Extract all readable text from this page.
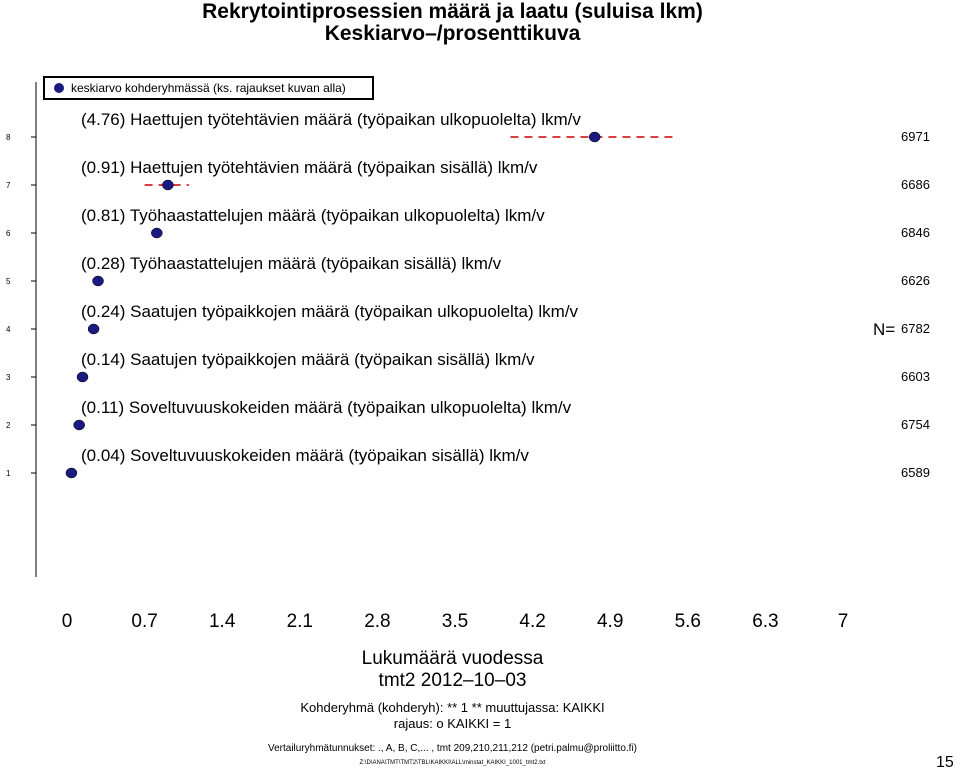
Rekrytointiprosessien määrä ja laatu (suluisa lkm)
Keskiarvo–/prosenttikuva
keskiarvo kohderyhmässä (ks. rajaukset kuvan alla)
8
(4.76) Haettujen työtehtävien määrä (työpaikan ulkopuolelta) lkm/v
6971
7
(0.91) Haettujen työtehtävien määrä (työpaikan sisällä) lkm/v
6686
6
(0.81) Työhaastattelujen määrä (työpaikan ulkopuolelta) lkm/v
6846
5
(0.28) Työhaastattelujen määrä (työpaikan sisällä) lkm/v
6626
4
(0.24) Saatujen työpaikkojen määrä (työpaikan ulkopuolelta) lkm/v
6782
N=
3
(0.14) Saatujen työpaikkojen määrä (työpaikan sisällä) lkm/v
6603
2
(0.11) Soveltuvuuskokeiden määrä (työpaikan ulkopuolelta) lkm/v
6754
1
(0.04) Soveltuvuuskokeiden määrä (työpaikan sisällä) lkm/v
6589
0	0.7	1.4	2.1	2.8	3.5	4.2	4.9	5.6	6.3	7
Lukumäärä vuodessa
tmt2 2012–10–03
Kohderyhmä (kohderyh): ** 1 ** muuttujassa: KAIKKI
rajaus: o KAIKKI = 1
Vertailuryhmätunnukset: ., A, B, C,... , tmt 209,210,211,212 (petri.palmu@proliitto.fi)
Z:\D\ANA\TMT\TMT2\TBL\KAIKKI\ALL\minstat_KAIKKI_1001_tmt2.txt	15
